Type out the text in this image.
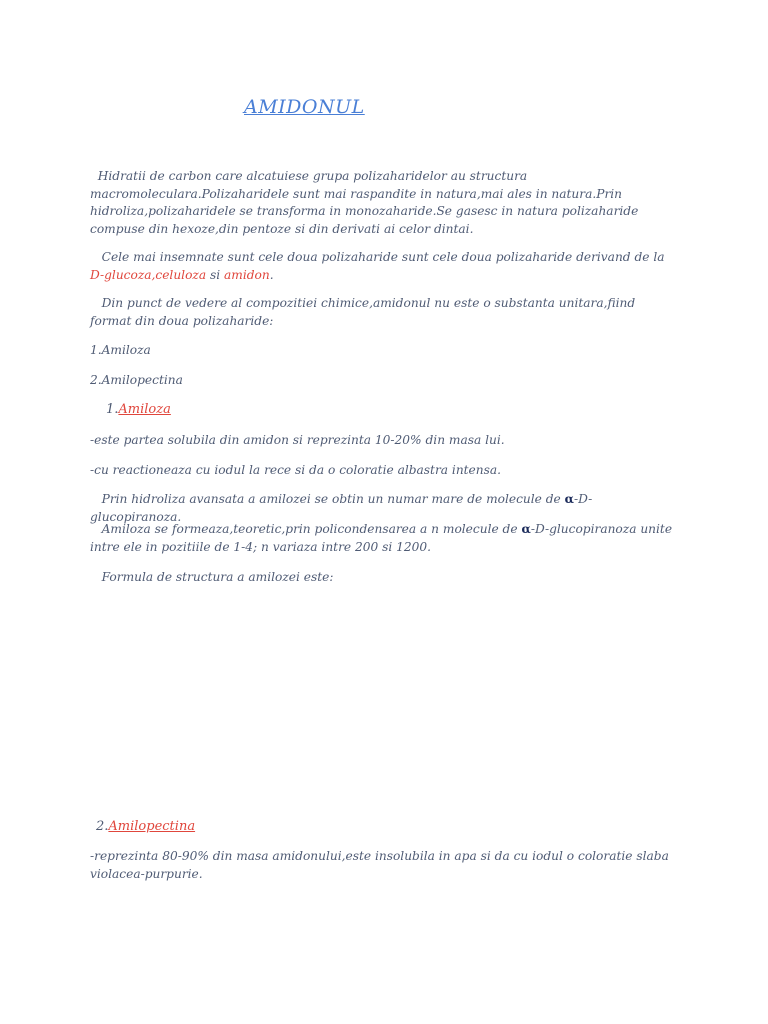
AMIDONUL

Hidratii de carbon care alcatuiese grupa polizaharidelor au structura macromoleculara.Polizaharidele sunt mai raspandite in natura,mai ales in natura.Prin hidroliza,polizaharidele se transforma in monozaharide.Se gasesc in natura polizaharide compuse din hexoze,din pentoze si din derivati ai celor dintai.

Cele mai insemnate sunt cele doua polizaharide sunt cele doua polizaharide derivand de la D-glucoza,celuloza si amidon.

Din punct de vedere al compozitiei chimice,amidonul nu este o substanta unitara,fiind format din doua polizaharide:

1.Amiloza

2.Amilopectina

1.Amiloza

-este partea solubila din amidon si reprezinta 10-20% din masa lui.

-cu reactioneaza cu iodul la rece si da o coloratie albastra intensa.

Prin hidroliza avansata a amilozei se obtin un numar mare de molecule de α-D-glucopiranoza.

Amiloza se formeaza,teoretic,prin policondensarea a n molecule de α-D-glucopiranoza unite intre ele in pozitiile de 1-4; n variaza intre 200 si 1200.

Formula de structura a amilozei este:

2.Amilopectina

-reprezinta 80-90% din masa amidonului,este insolubila in apa si da cu iodul o coloratie slaba violacea-purpurie.
